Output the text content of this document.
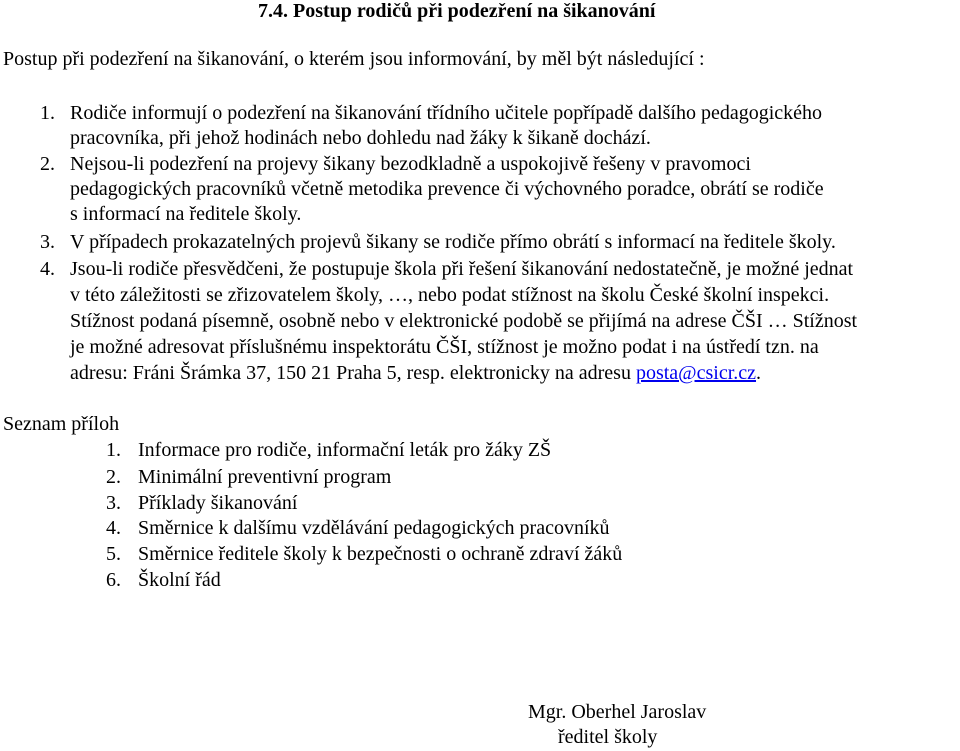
7.4. Postup rodičů při podezření na šikanování
Postup při podezření na šikanování, o kterém jsou informování, by měl být následující :
1. Rodiče informují o podezření na šikanování třídního učitele popřípadě dalšího pedagogického
pracovníka, při jehož hodinách nebo dohledu nad žáky k šikaně dochází.
2. Nejsou-li podezření na projevy šikany bezodkladně a uspokojivě řešeny v pravomoci
pedagogických pracovníků včetně metodika prevence či výchovného poradce, obrátí se rodiče
s informací na ředitele školy.
3. V případech prokazatelných projevů šikany se rodiče přímo obrátí s informací na ředitele školy.
4. Jsou-li rodiče přesvědčeni, že postupuje škola při řešení šikanování nedostatečně, je možné jednat
v této záležitosti se zřizovatelem školy, …, nebo podat stížnost na školu České školní inspekci.
Stížnost podaná písemně, osobně nebo v elektronické podobě se přijímá na adrese ČŠI … Stížnost
je možné adresovat příslušnému inspektorátu ČŠI, stížnost je možno podat i na ústředí tzn. na
adresu: Fráni Šrámka 37, 150 21 Praha 5, resp. elektronicky na adresu posta@csicr.cz.
Seznam příloh
1. Informace pro rodiče, informační leták pro žáky ZŠ
2. Minimální preventivní program
3. Příklady šikanování
4. Směrnice k dalšímu vzdělávání pedagogických pracovníků
5. Směrnice ředitele školy k bezpečnosti o ochraně zdraví žáků
6. Školní řád
Mgr. Oberhel Jaroslav
ředitel školy
